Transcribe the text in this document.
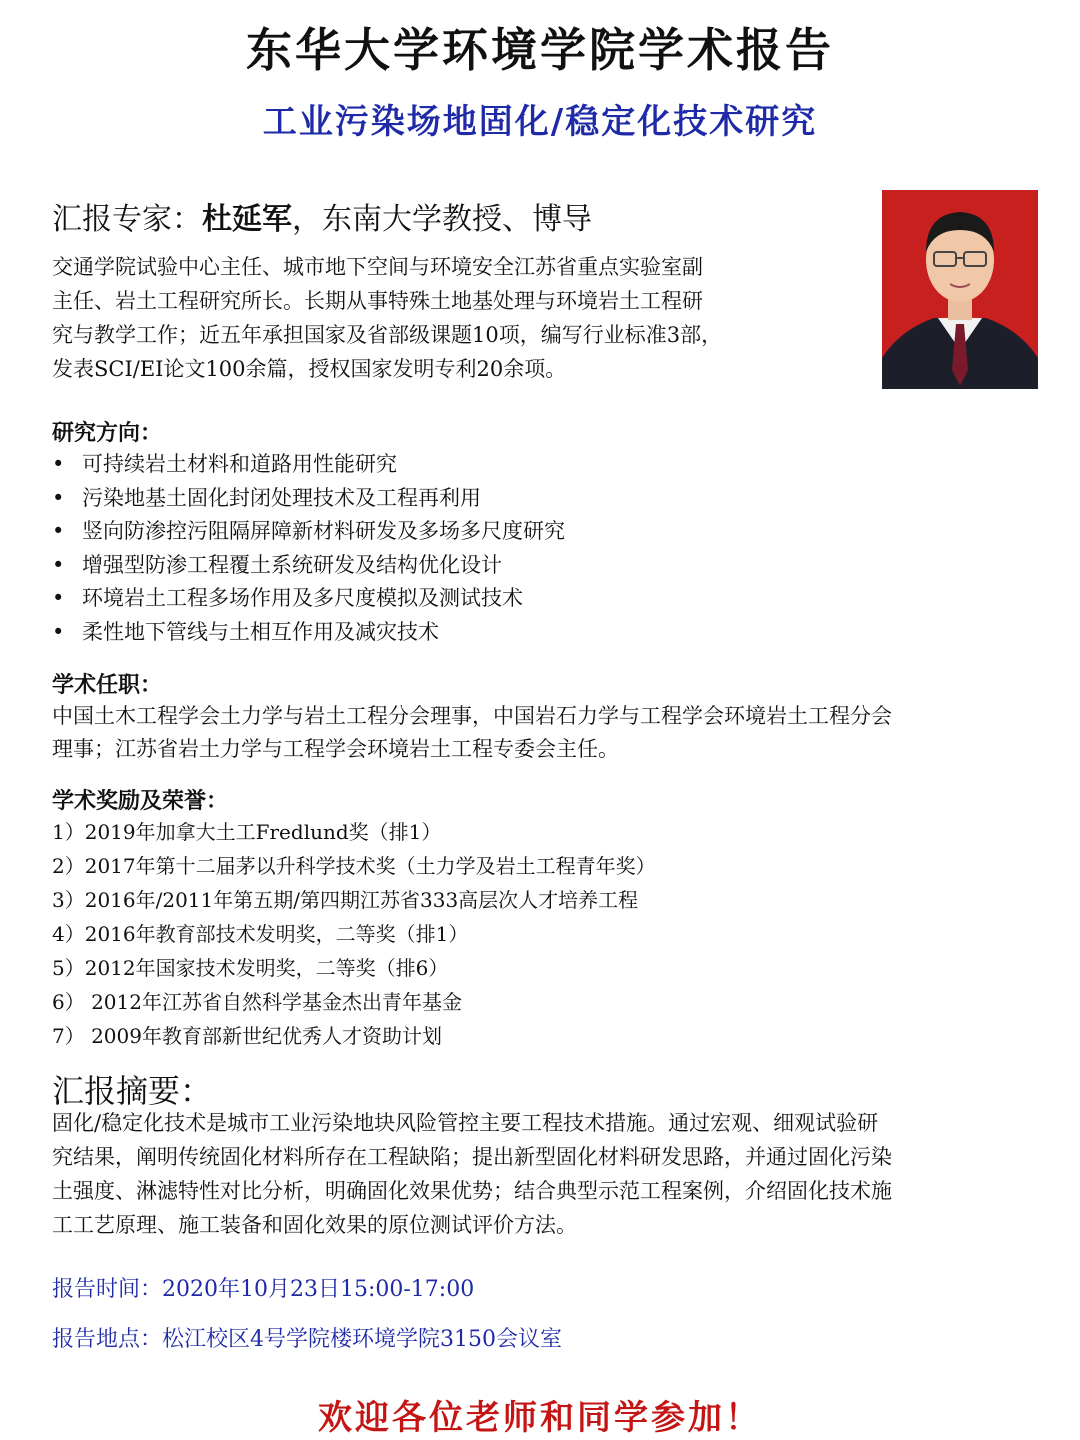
东华大学环境学院学术报告
工业污染场地固化/稳定化技术研究
汇报专家：杜延军，东南大学教授、博导
交通学院试验中心主任、城市地下空间与环境安全江苏省重点实验室副
主任、岩土工程研究所长。长期从事特殊土地基处理与环境岩土工程研
究与教学工作；近五年承担国家及省部级课题10项，编写行业标准3部，
发表SCI/EI论文100余篇，授权国家发明专利20余项。
研究方向：
• 可持续岩土材料和道路用性能研究
• 污染地基土固化封闭处理技术及工程再利用
• 竖向防渗控污阻隔屏障新材料研发及多场多尺度研究
• 增强型防渗工程覆土系统研发及结构优化设计
• 环境岩土工程多场作用及多尺度模拟及测试技术
• 柔性地下管线与土相互作用及减灾技术
学术任职：
中国土木工程学会土力学与岩土工程分会理事，中国岩石力学与工程学会环境岩土工程分会
理事；江苏省岩土力学与工程学会环境岩土工程专委会主任。
学术奖励及荣誉：
1）2019年加拿大土工Fredlund奖（排1）
2）2017年第十二届茅以升科学技术奖（土力学及岩土工程青年奖）
3）2016年/2011年第五期/第四期江苏省333高层次人才培养工程
4）2016年教育部技术发明奖，二等奖（排1）
5）2012年国家技术发明奖，二等奖（排6）
6） 2012年江苏省自然科学基金杰出青年基金
7） 2009年教育部新世纪优秀人才资助计划
汇报摘要：
固化/稳定化技术是城市工业污染地块风险管控主要工程技术措施。通过宏观、细观试验研
究结果，阐明传统固化材料所存在工程缺陷；提出新型固化材料研发思路，并通过固化污染
土强度、淋滤特性对比分析，明确固化效果优势；结合典型示范工程案例，介绍固化技术施
工工艺原理、施工装备和固化效果的原位测试评价方法。
报告时间：2020年10月23日15:00-17:00
报告地点：松江校区4号学院楼环境学院3150会议室
欢迎各位老师和同学参加！
